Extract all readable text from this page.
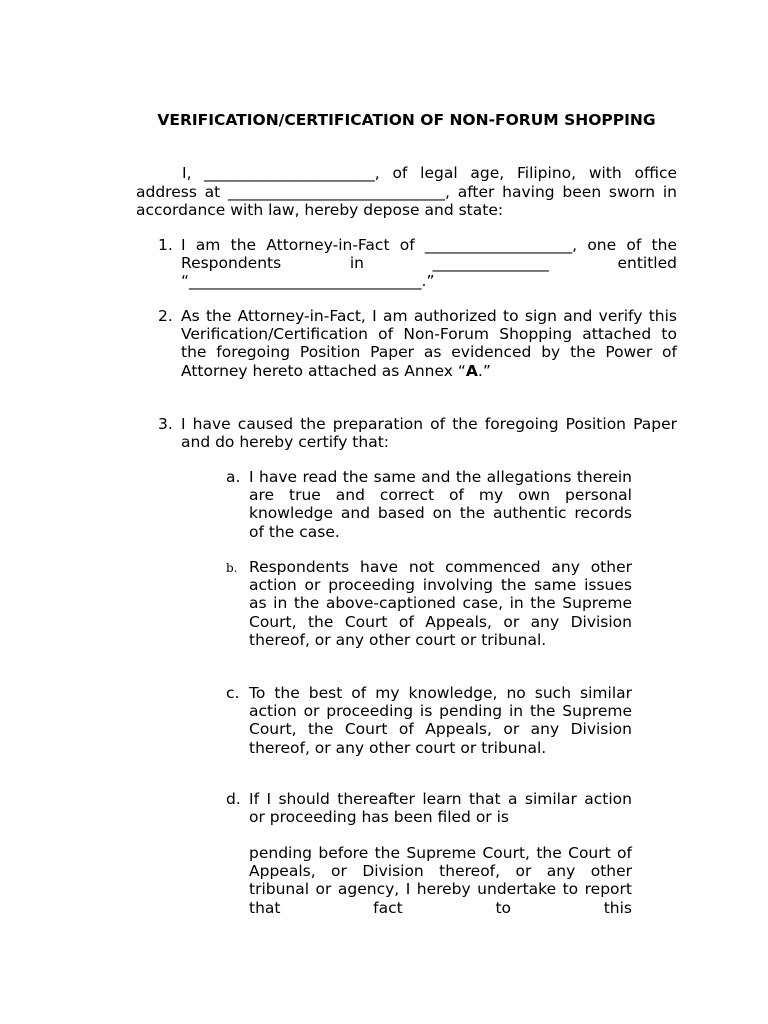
VERIFICATION/CERTIFICATION OF NON-FORUM SHOPPING
I, ______________________, of legal age, Filipino, with office address at ____________________________, after having been sworn in accordance with law, hereby depose and state:
1. I am the Attorney-in-Fact of ___________________, one of the Respondents in _______________ entitled “______________________________.”
2. As the Attorney-in-Fact, I am authorized to sign and verify this Verification/Certification of Non-Forum Shopping attached to the foregoing Position Paper as evidenced by the Power of Attorney hereto attached as Annex “A.”
3. I have caused the preparation of the foregoing Position Paper and do hereby certify that:
a. I have read the same and the allegations therein are true and correct of my own personal knowledge and based on the authentic records of the case.
b. Respondents have not commenced any other action or proceeding involving the same issues as in the above-captioned case, in the Supreme Court, the Court of Appeals, or any Division thereof, or any other court or tribunal.
c. To the best of my knowledge, no such similar action or proceeding is pending in the Supreme Court, the Court of Appeals, or any Division thereof, or any other court or tribunal.
d. If I should thereafter learn that a similar action or proceeding has been filed or is
pending before the Supreme Court, the Court of Appeals, or Division thereof, or any other tribunal or agency, I hereby undertake to report that fact to this
